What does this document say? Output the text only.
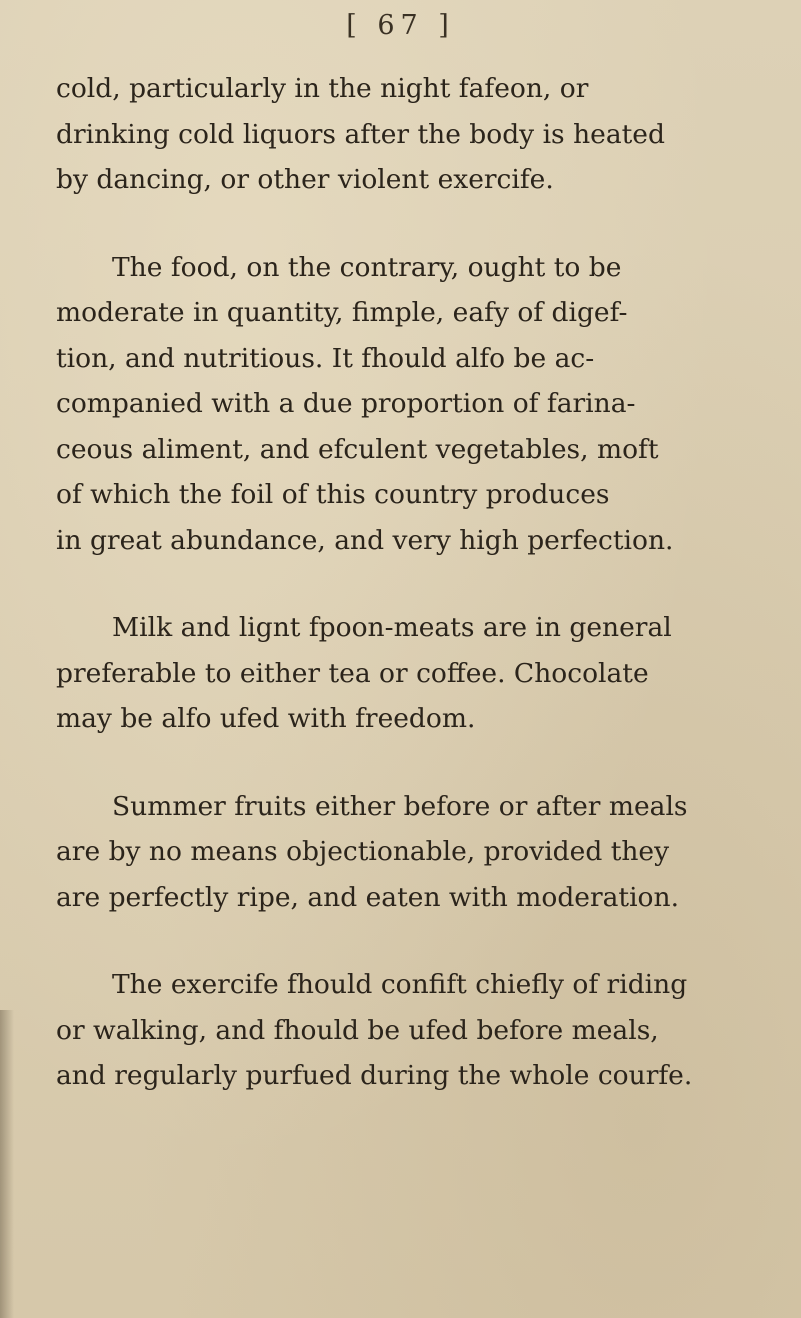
[ 67 ]

cold, particularly in the night fafeon, or
drinking cold liquors after the body is heated
by dancing, or other violent exercife.

The food, on the contrary, ought to be
moderate in quantity, fimple, eafy of digef-
tion, and nutritious. It fhould alfo be ac-
companied with a due proportion of farina-
ceous aliment, and efculent vegetables, moft
of which the foil of this country produces
in great abundance, and very high perfection.

Milk and lignt fpoon-meats are in general
preferable to either tea or coffee. Chocolate
may be alfo ufed with freedom.

Summer fruits either before or after meals
are by no means objectionable, provided they
are perfectly ripe, and eaten with moderation.

The exercife fhould confift chiefly of riding
or walking, and fhould be ufed before meals,
and regularly purfued during the whole courfe.
